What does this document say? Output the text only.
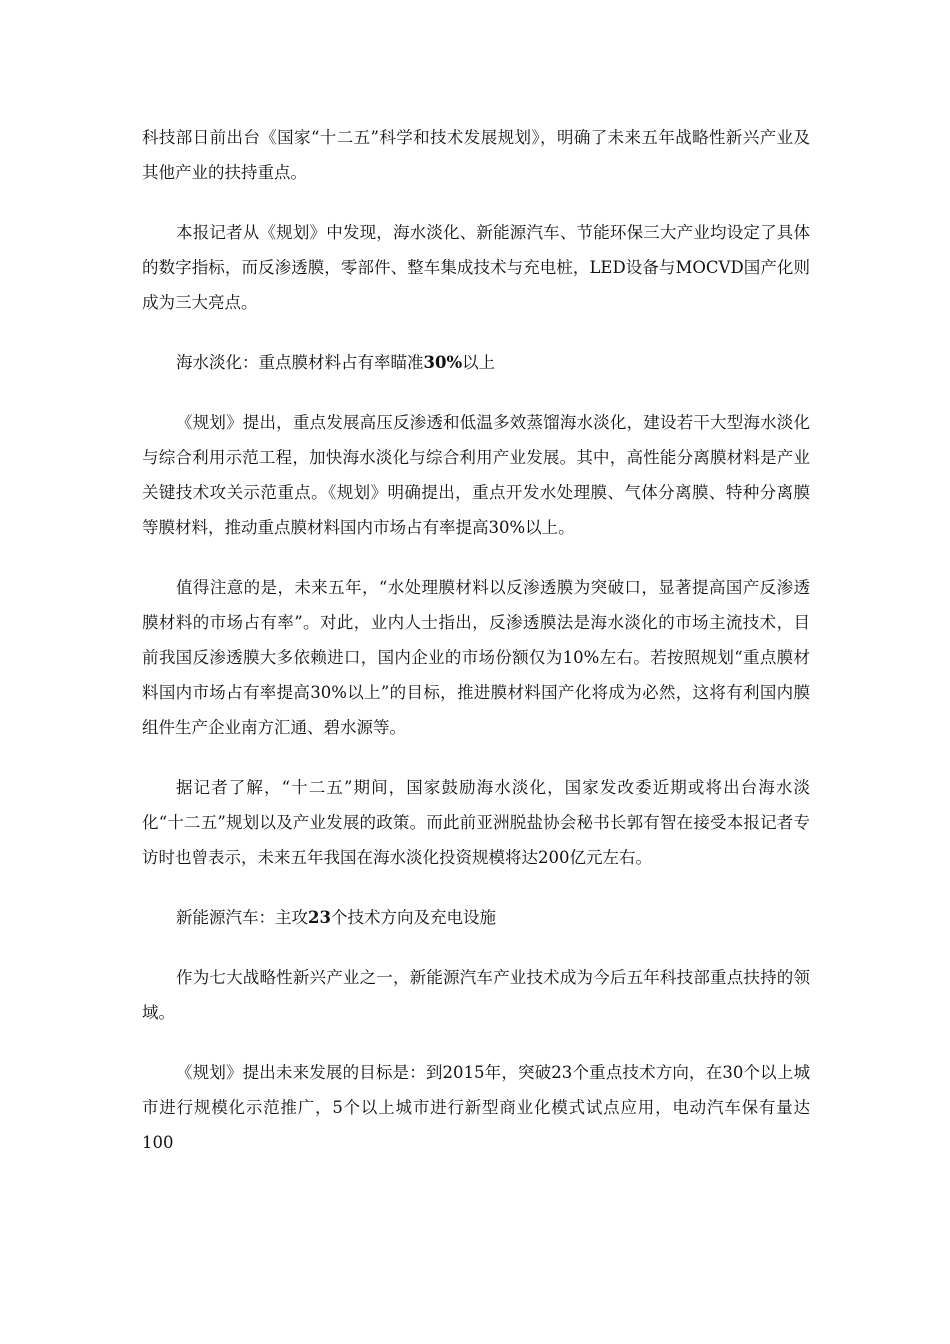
科技部日前出台《国家“十二五”科学和技术发展规划》，明确了未来五年战略性新兴产业及其他产业的扶持重点。

本报记者从《规划》中发现，海水淡化、新能源汽车、节能环保三大产业均设定了具体的数字指标，而反渗透膜，零部件、整车集成技术与充电桩，LED设备与MOCVD国产化则成为三大亮点。

海水淡化：重点膜材料占有率瞄准30%以上

《规划》提出，重点发展高压反渗透和低温多效蒸馏海水淡化，建设若干大型海水淡化与综合利用示范工程，加快海水淡化与综合利用产业发展。其中，高性能分离膜材料是产业关键技术攻关示范重点。《规划》明确提出，重点开发水处理膜、气体分离膜、特种分离膜等膜材料，推动重点膜材料国内市场占有率提高30%以上。

值得注意的是，未来五年，“水处理膜材料以反渗透膜为突破口，显著提高国产反渗透膜材料的市场占有率”。对此，业内人士指出，反渗透膜法是海水淡化的市场主流技术，目前我国反渗透膜大多依赖进口，国内企业的市场份额仅为10%左右。若按照规划“重点膜材料国内市场占有率提高30%以上”的目标，推进膜材料国产化将成为必然，这将有利国内膜组件生产企业南方汇通、碧水源等。

据记者了解，“十二五”期间，国家鼓励海水淡化，国家发改委近期或将出台海水淡化“十二五”规划以及产业发展的政策。而此前亚洲脱盐协会秘书长郭有智在接受本报记者专访时也曾表示，未来五年我国在海水淡化投资规模将达200亿元左右。

新能源汽车：主攻23个技术方向及充电设施

作为七大战略性新兴产业之一，新能源汽车产业技术成为今后五年科技部重点扶持的领域。

《规划》提出未来发展的目标是：到2015年，突破23个重点技术方向，在30个以上城市进行规模化示范推广，5个以上城市进行新型商业化模式试点应用，电动汽车保有量达100
